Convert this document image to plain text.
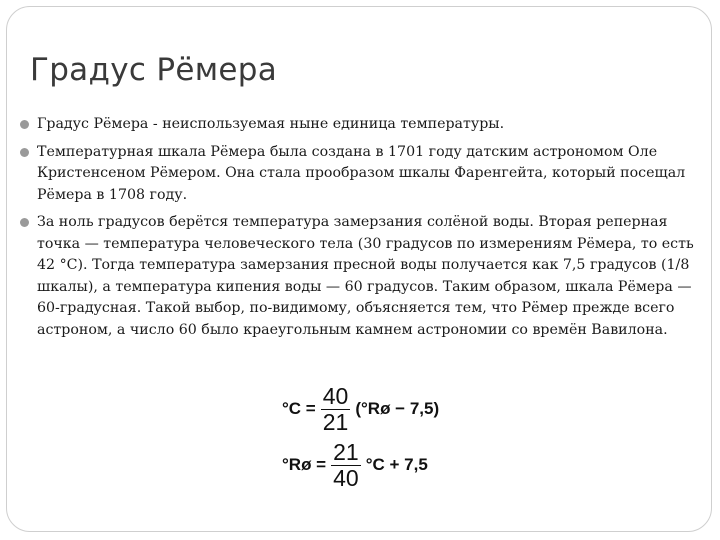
Градус Рёмера
Градус Рёмера - неиспользуемая ныне единица температуры.
Температурная шкала Рёмера была создана в 1701 году датским астрономом Оле Кристенсеном Рёмером. Она стала прообразом шкалы Фаренгейта, который посещал Рёмера в 1708 году.
За ноль градусов берётся температура замерзания солёной воды. Вторая реперная точка — температура человеческого тела (30 градусов по измерениям Рёмера, то есть 42 °C). Тогда температура замерзания пресной воды получается как 7,5 градусов (1/8 шкалы), а температура кипения воды — 60 градусов. Таким образом, шкала Рёмера — 60-градусная. Такой выбор, по-видимому, объясняется тем, что Рёмер прежде всего астроном, а число 60 было краеугольным камнем астрономии со времён Вавилона.
$^\circ C = \frac{40}{21}$ (°Rø − 7,5)
°Rø = $\frac{21}{40} ^\circ C + 7,5$
